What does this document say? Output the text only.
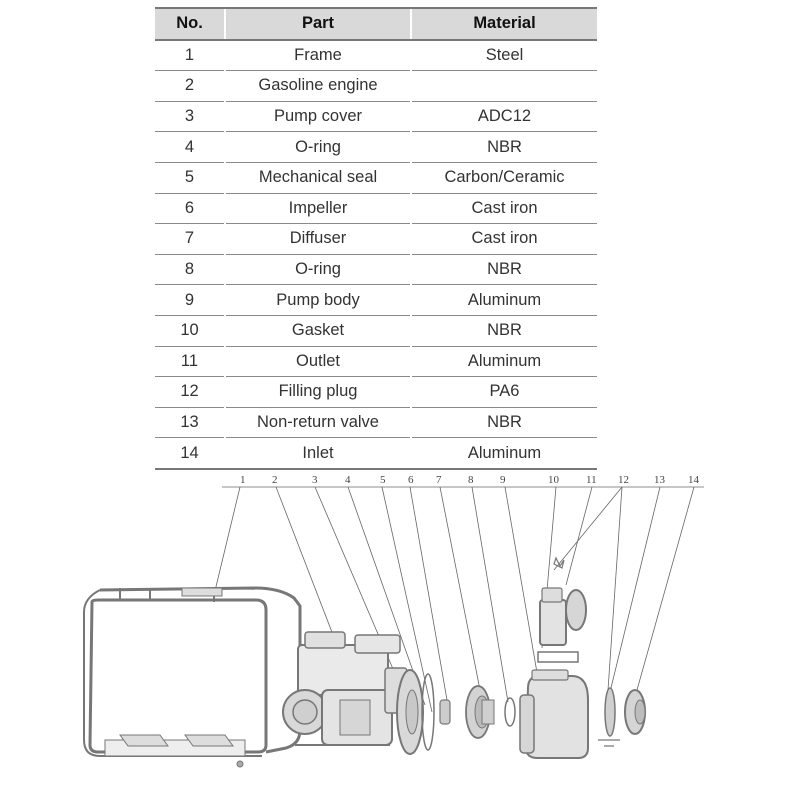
No.	Part	Material
1	Frame	Steel
2	Gasoline engine	
3	Pump cover	ADC12
4	O-ring	NBR
5	Mechanical seal	Carbon/Ceramic
6	Impeller	Cast iron
7	Diffuser	Cast iron
8	O-ring	NBR
9	Pump body	Aluminum
10	Gasket	NBR
11	Outlet	Aluminum
12	Filling plug	PA6
13	Non-return valve	NBR
14	Inlet	Aluminum
1 2	3	4	5 6 7 8 9	10 11 12 13 14
